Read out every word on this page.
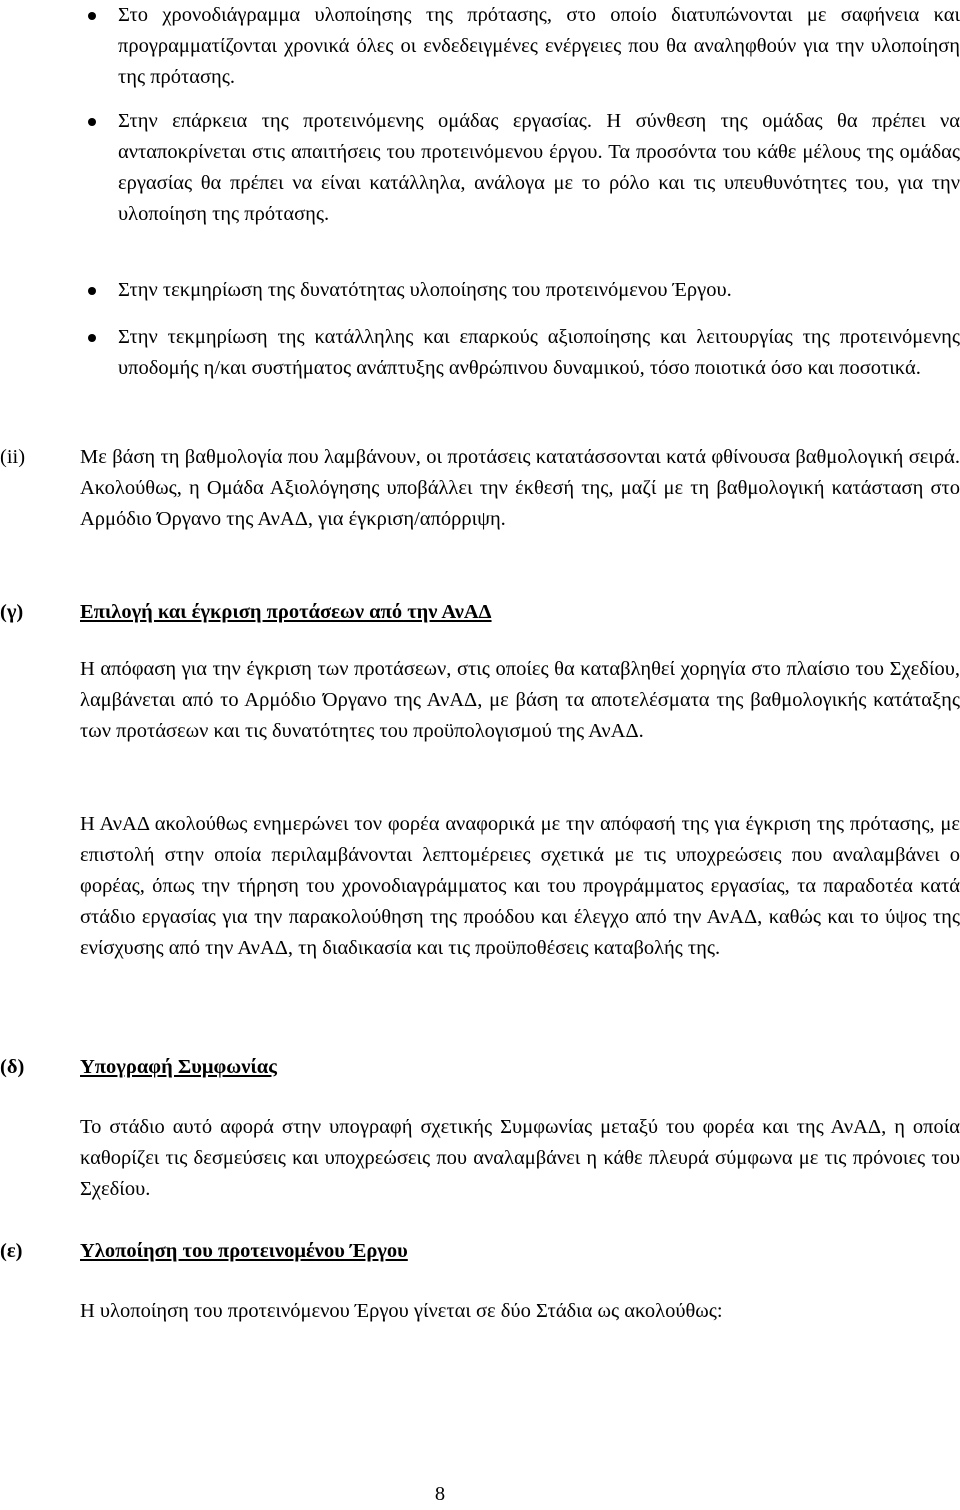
Στο χρονοδιάγραμμα υλοποίησης της πρότασης, στο οποίο διατυπώνονται με σαφήνεια και προγραμματίζονται χρονικά όλες οι ενδεδειγμένες ενέργειες που θα αναληφθούν για την υλοποίηση της πρότασης.
Στην επάρκεια της προτεινόμενης ομάδας εργασίας. Η σύνθεση της ομάδας θα πρέπει να ανταποκρίνεται στις απαιτήσεις του προτεινόμενου έργου. Τα προσόντα του κάθε μέλους της ομάδας εργασίας θα πρέπει να είναι κατάλληλα, ανάλογα με το ρόλο και τις υπευθυνότητες του, για την υλοποίηση της πρότασης.
Στην τεκμηρίωση της δυνατότητας υλοποίησης του προτεινόμενου Έργου.
Στην τεκμηρίωση της κατάλληλης και επαρκούς αξιοποίησης και λειτουργίας της προτεινόμενης υποδομής η/και συστήματος ανάπτυξης ανθρώπινου δυναμικού, τόσο ποιοτικά όσο και ποσοτικά.
(ii)	Με βάση τη βαθμολογία που λαμβάνουν, οι προτάσεις κατατάσσονται κατά φθίνουσα βαθμολογική σειρά. Ακολούθως, η Ομάδα Αξιολόγησης υποβάλλει την έκθεσή της, μαζί με τη βαθμολογική κατάσταση στο Αρμόδιο Όργανο της ΑνΑΔ, για έγκριση/απόρριψη.

(γ)	Επιλογή και έγκριση προτάσεων από την ΑνΑΔ

Η απόφαση για την έγκριση των προτάσεων, στις οποίες θα καταβληθεί χορηγία στο πλαίσιο του Σχεδίου, λαμβάνεται από το Αρμόδιο Όργανο της ΑνΑΔ, με βάση τα αποτελέσματα της βαθμολογικής κατάταξης των προτάσεων και τις δυνατότητες του προϋπολογισμού της ΑνΑΔ.

Η ΑνΑΔ ακολούθως ενημερώνει τον φορέα αναφορικά με την απόφασή της για έγκριση της πρότασης, με επιστολή στην οποία περιλαμβάνονται λεπτομέρειες σχετικά με τις υποχρεώσεις που αναλαμβάνει ο φορέας, όπως την τήρηση του χρονοδιαγράμματος και του προγράμματος εργασίας, τα παραδοτέα κατά στάδιο εργασίας για την παρακολούθηση της προόδου και έλεγχο από την ΑνΑΔ, καθώς και το ύψος της ενίσχυσης από την ΑνΑΔ, τη διαδικασία και τις προϋποθέσεις καταβολής της.

(δ)	Υπογραφή Συμφωνίας

Το στάδιο αυτό αφορά στην υπογραφή σχετικής Συμφωνίας μεταξύ του φορέα και της ΑνΑΔ, η οποία καθορίζει τις δεσμεύσεις και υποχρεώσεις που αναλαμβάνει η κάθε πλευρά σύμφωνα με τις πρόνοιες του Σχεδίου.

(ε)	Υλοποίηση του προτεινομένου Έργου

Η υλοποίηση του προτεινόμενου Έργου γίνεται σε δύο Στάδια ως ακολούθως:

8
